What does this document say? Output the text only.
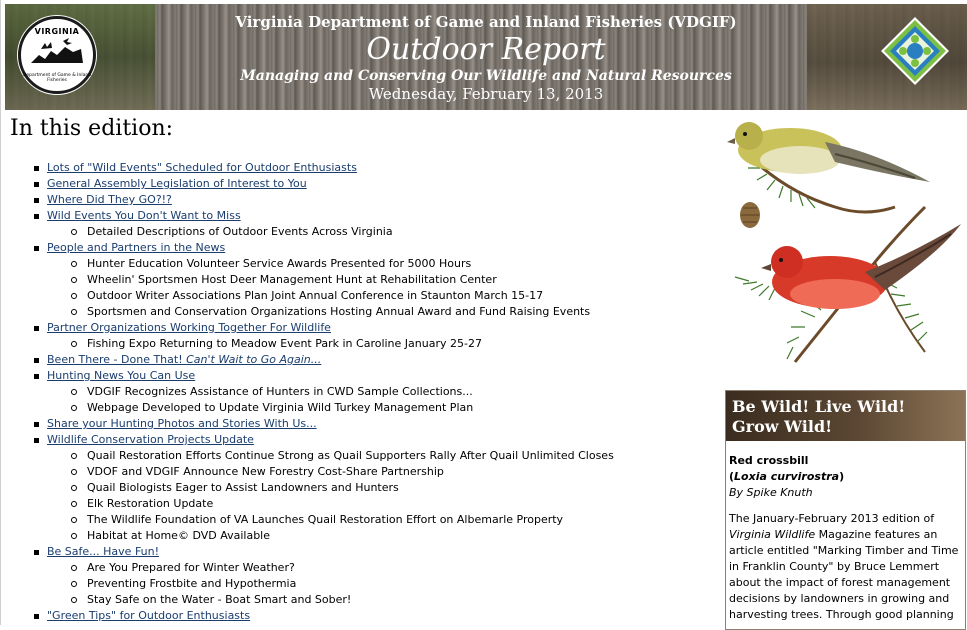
VIRGINIA
Department of Game & Inland Fisheries
Virginia Department of Game and Inland Fisheries (VDGIF)
Outdoor Report
Managing and Conserving Our Wildlife and Natural Resources
Wednesday, February 13, 2013
In this edition:
Lots of "Wild Events" Scheduled for Outdoor Enthusiasts
General Assembly Legislation of Interest to You
Where Did They GO?!?
Wild Events You Don't Want to Miss
Detailed Descriptions of Outdoor Events Across Virginia
People and Partners in the News
Hunter Education Volunteer Service Awards Presented for 5000 Hours
Wheelin' Sportsmen Host Deer Management Hunt at Rehabilitation Center
Outdoor Writer Associations Plan Joint Annual Conference in Staunton March 15-17
Sportsmen and Conservation Organizations Hosting Annual Award and Fund Raising Events
Partner Organizations Working Together For Wildlife
Fishing Expo Returning to Meadow Event Park in Caroline January 25-27
Been There - Done That! Can't Wait to Go Again...
Hunting News You Can Use
VDGIF Recognizes Assistance of Hunters in CWD Sample Collections...
Webpage Developed to Update Virginia Wild Turkey Management Plan
Share your Hunting Photos and Stories With Us...
Wildlife Conservation Projects Update
Quail Restoration Efforts Continue Strong as Quail Supporters Rally After Quail Unlimited Closes
VDOF and VDGIF Announce New Forestry Cost-Share Partnership
Quail Biologists Eager to Assist Landowners and Hunters
Elk Restoration Update
The Wildlife Foundation of VA Launches Quail Restoration Effort on Albemarle Property
Habitat at Home© DVD Available
Be Safe... Have Fun!
Are You Prepared for Winter Weather?
Preventing Frostbite and Hypothermia
Stay Safe on the Water - Boat Smart and Sober!
"Green Tips" for Outdoor Enthusiasts
Be Wild! Live Wild!
Grow Wild!

Red crossbill

(Loxia curvirostra)

By Spike Knuth

The January-February 2013 edition of Virginia Wildlife Magazine features an article entitled "Marking Timber and Time in Franklin County" by Bruce Lemmert about the impact of forest management decisions by landowners in growing and harvesting trees. Through good planning
